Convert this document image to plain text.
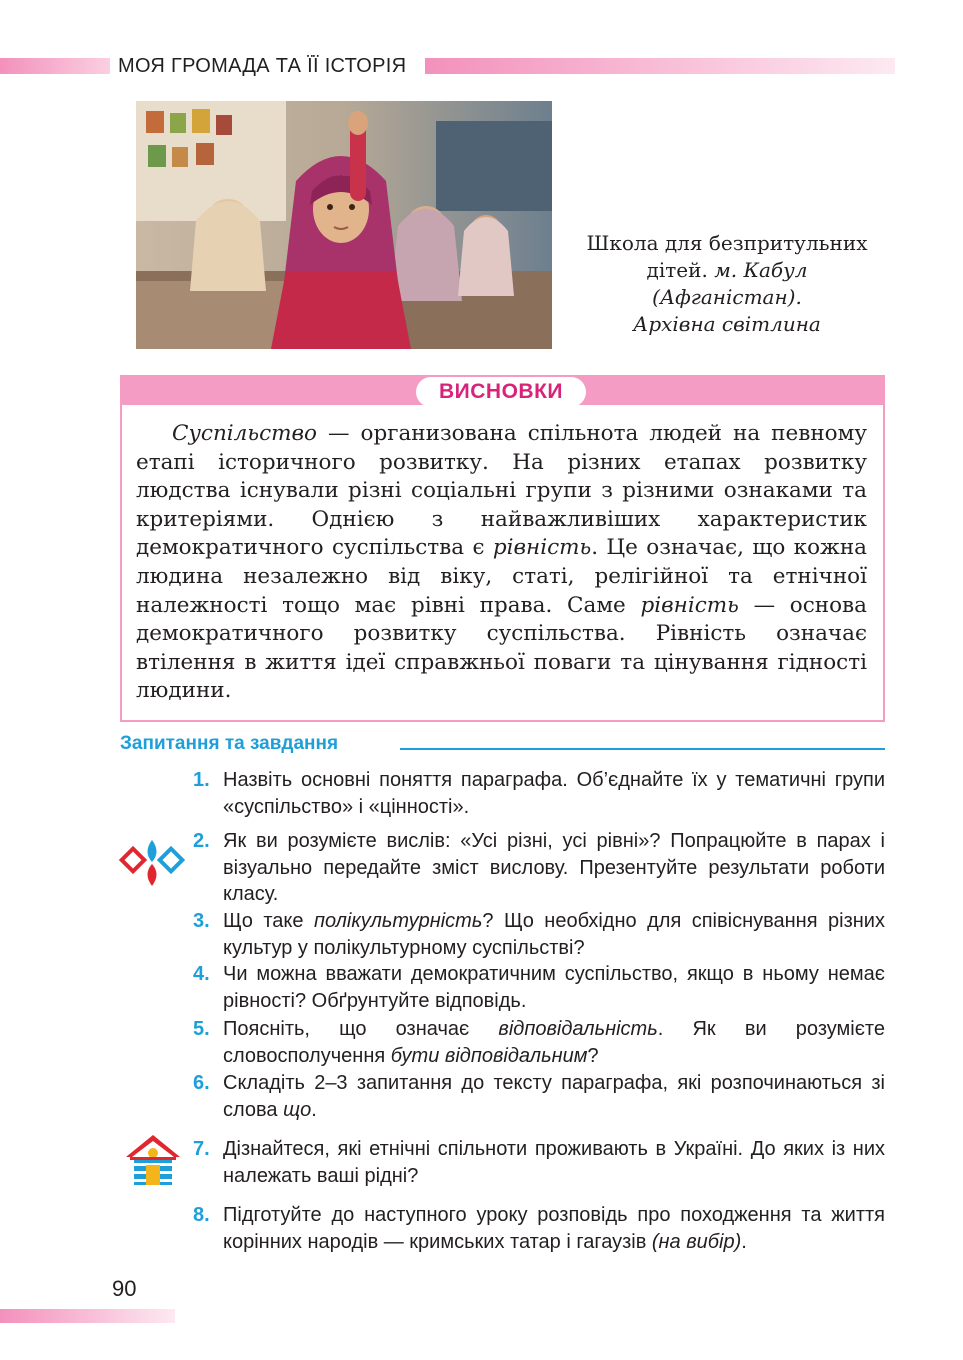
МОЯ ГРОМАДА ТА ЇЇ ІСТОРІЯ
Школа для безпритульних
дітей. м. Кабул
(Афганістан).
Архівна світлина
ВИСНОВКИ

Суспільство — организована спільнота людей на певному етапі історичного розвитку. На різних етапах розвитку людства існували різні соціальні групи з різними ознаками та критеріями. Однією з найважливіших характеристик демократичного суспільства є рівність. Це означає, що кожна людина незалежно від віку, статі, релігійної та етнічної належності тощо має рівні права. Саме рівність — основа демократичного розвитку суспільства. Рівність означає втілення в життя ідеї справжньої поваги та цінування гідності людини.

Запитання та завдання
1. Назвіть основні поняття параграфа. Об’єднайте їх у тематичні групи «суспільство» і «цінності».
2. Як ви розумієте вислів: «Усі різні, усі рівні»? Попрацюйте в парах і візуально передайте зміст вислову. Презентуйте результати роботи класу.
3. Що таке полікультурність? Що необхідно для співіснування різних культур у полікультурному суспільстві?
4. Чи можна вважати демократичним суспільство, якщо в ньому немає рівності? Обґрунтуйте відповідь.
5. Поясніть, що означає відповідальність. Як ви розумієте словосполучення бути відповідальним?
6. Складіть 2–3 запитання до тексту параграфа, які розпочинаються зі слова що.
7. Дізнайтеся, які етнічні спільноти проживають в Україні. До яких із них належать ваші рідні?
8. Підготуйте до наступного уроку розповідь про походження та життя корінних народів — кримських татар і гагаузів (на вибір).
90
